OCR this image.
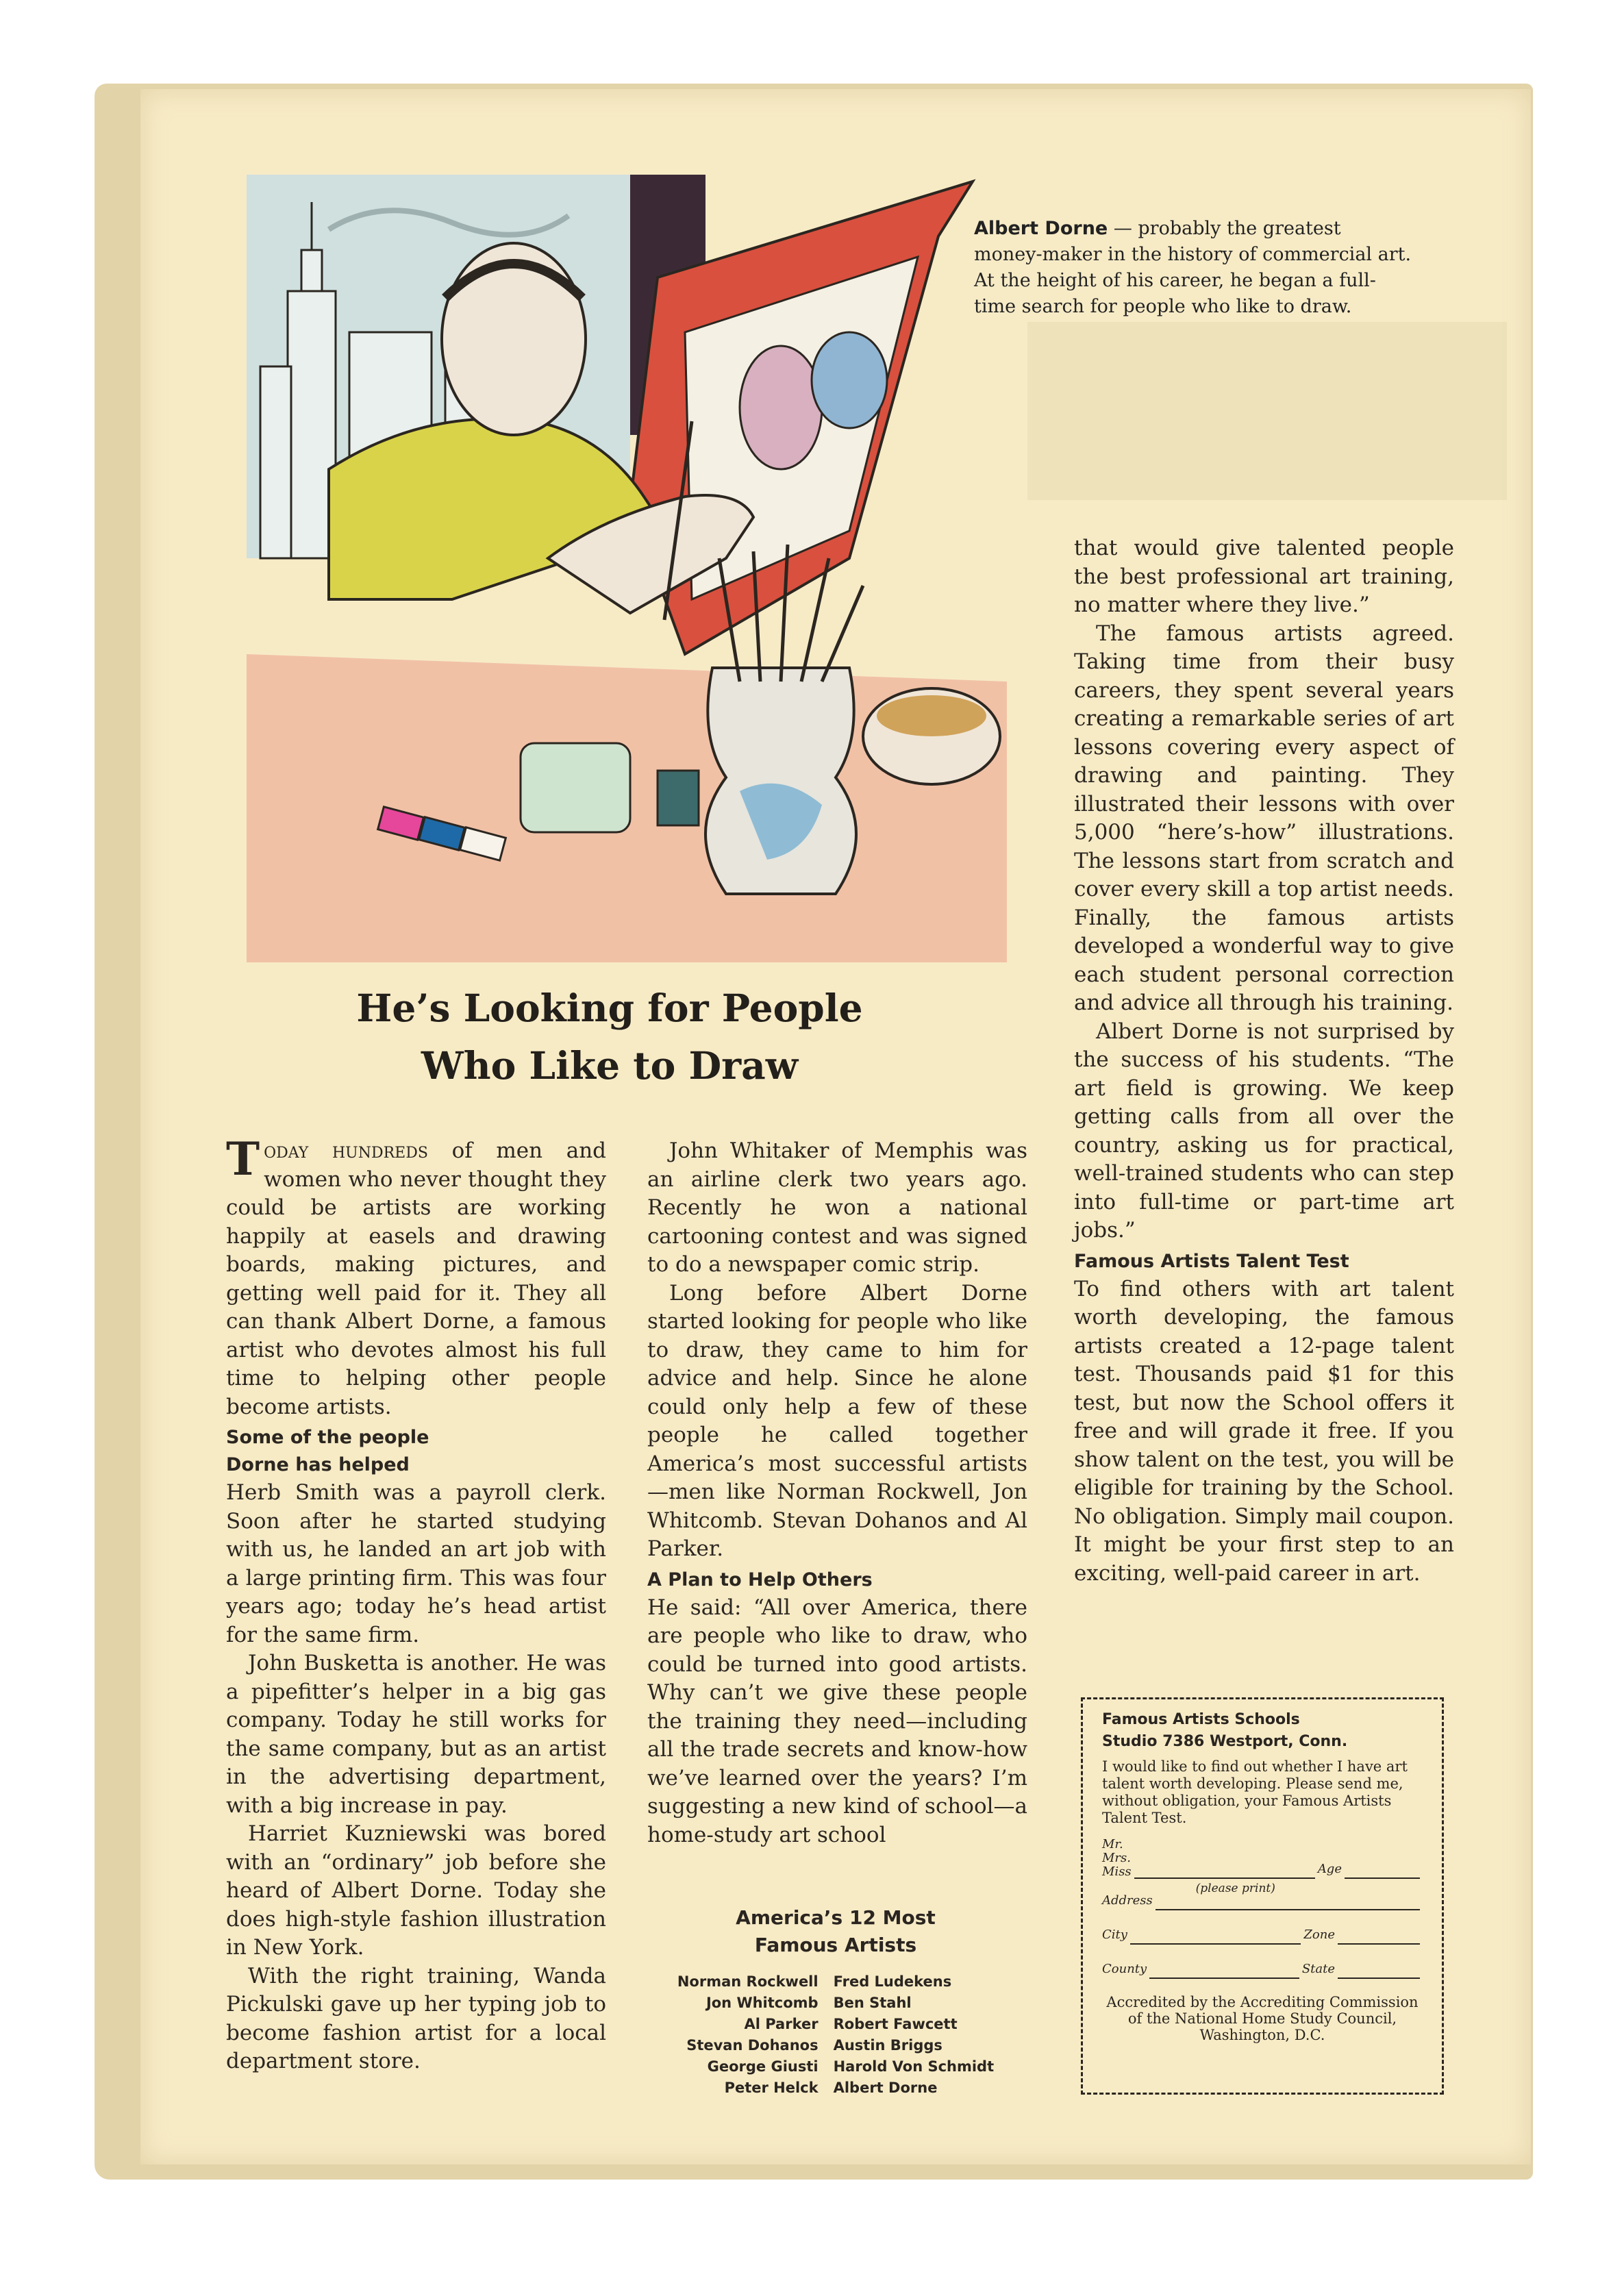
Albert Dorne — probably the greatest money-maker in the history of commercial art. At the height of his career, he began a full-time search for people who like to draw.
He’s Looking for People
Who Like to Draw

Today hundreds of men and women who never thought they could be artists are working happily at easels and drawing boards, making pictures, and getting well paid for it. They all can thank Albert Dorne, a famous artist who devotes almost his full time to helping other people become artists.

Some of the people
Dorne has helped

Herb Smith was a payroll clerk. Soon after he started studying with us, he landed an art job with a large printing firm. This was four years ago; today he’s head artist for the same firm.

John Busketta is another. He was a pipefitter’s helper in a big gas company. Today he still works for the same company, but as an artist in the advertising department, with a big increase in pay.

Harriet Kuzniewski was bored with an “ordinary” job before she heard of Albert Dorne. Today she does high-style fashion illustration in New York.

With the right training, Wanda Pickulski gave up her typing job to become fashion artist for a local department store.

John Whitaker of Memphis was an airline clerk two years ago. Recently he won a national cartooning contest and was signed to do a newspaper comic strip.

Long before Albert Dorne started looking for people who like to draw, they came to him for advice and help. Since he alone could only help a few of these people he called together America’s most successful artists—men like Norman Rockwell, Jon Whitcomb. Stevan Dohanos and Al Parker.

A Plan to Help Others

He said: “All over America, there are people who like to draw, who could be turned into good artists. Why can’t we give these people the training they need—including all the trade secrets and know-how we’ve learned over the years? I’m suggesting a new kind of school—a home-study art school

that would give talented people the best professional art training, no matter where they live.”

The famous artists agreed. Taking time from their busy careers, they spent several years creating a remarkable series of art lessons covering every aspect of drawing and painting. They illustrated their lessons with over 5,000 “here’s-how” illustrations. The lessons start from scratch and cover every skill a top artist needs. Finally, the famous artists developed a wonderful way to give each student personal correction and advice all through his training.

Albert Dorne is not surprised by the success of his students. “The art field is growing. We keep getting calls from all over the country, asking us for practical, well-trained students who can step into full-time or part-time art jobs.”

Famous Artists Talent Test

To find others with art talent worth developing, the famous artists created a 12-page talent test. Thousands paid $1 for this test, but now the School offers it free and will grade it free. If you show talent on the test, you will be eligible for training by the School. No obligation. Simply mail coupon. It might be your first step to an exciting, well-paid career in art.

America’s 12 Most
Famous Artists
Norman Rockwell
Jon Whitcomb
Al Parker
Stevan Dohanos
George Giusti
Peter Helck
Fred Ludekens
Ben Stahl
Robert Fawcett
Austin Briggs
Harold Von Schmidt
Albert Dorne
Famous Artists Schools
Studio 7386 Westport, Conn.
I would like to find out whether I have art talent worth developing. Please send me, without obligation, your Famous Artists Talent Test.
Mr.
Mrs.
Miss
(please print)
Age
Address
City	Zone
County	State
Accredited by the Accrediting Commission of the National Home Study Council, Washington, D.C.
